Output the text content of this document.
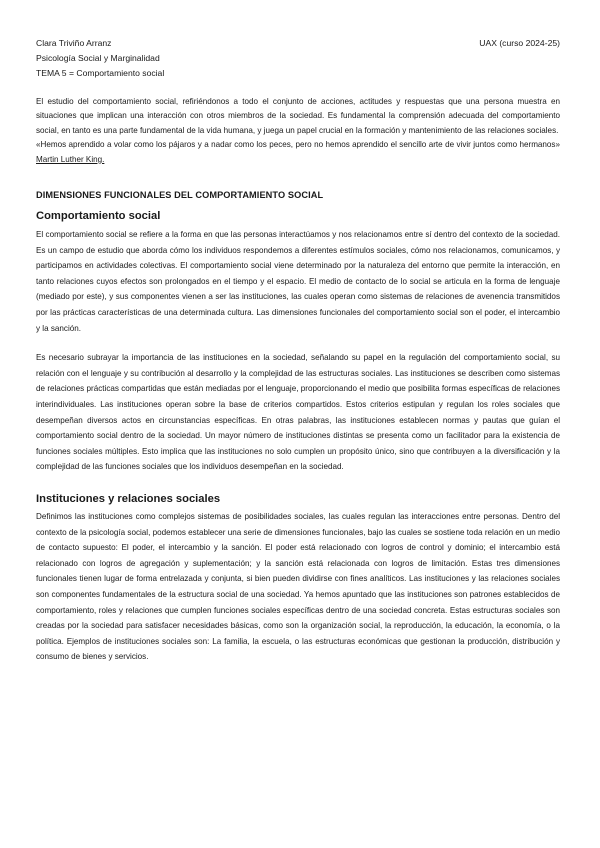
Clara Triviño Arranz
Psicología Social y Marginalidad
TEMA 5 = Comportamiento social
UAX (curso 2024-25)

El estudio del comportamiento social, refiriéndonos a todo el conjunto de acciones, actitudes y respuestas que una persona muestra en situaciones que implican una interacción con otros miembros de la sociedad. Es fundamental la comprensión adecuada del comportamiento social, en tanto es una parte fundamental de la vida humana, y juega un papel crucial en la formación y mantenimiento de las relaciones sociales.

«Hemos aprendido a volar como los pájaros y a nadar como los peces, pero no hemos aprendido el sencillo arte de vivir juntos como hermanos» Martin Luther King.

DIMENSIONES FUNCIONALES DEL COMPORTAMIENTO SOCIAL
Comportamiento social

El comportamiento social se refiere a la forma en que las personas interactúamos y nos relacionamos entre sí dentro del contexto de la sociedad. Es un campo de estudio que aborda cómo los individuos respondemos a diferentes estímulos sociales, cómo nos relacionamos, comunicamos, y participamos en actividades colectivas. El comportamiento social viene determinado por la naturaleza del entorno que permite la interacción, en tanto relaciones cuyos efectos son prolongados en el tiempo y el espacio. El medio de contacto de lo social se articula en la forma de lenguaje (mediado por este), y sus componentes vienen a ser las instituciones, las cuales operan como sistemas de relaciones de avenencia transmitidos por las prácticas características de una determinada cultura. Las dimensiones funcionales del comportamiento social son el poder, el intercambio y la sanción.

Es necesario subrayar la importancia de las instituciones en la sociedad, señalando su papel en la regulación del comportamiento social, su relación con el lenguaje y su contribución al desarrollo y la complejidad de las estructuras sociales. Las instituciones se describen como sistemas de relaciones prácticas compartidas que están mediadas por el lenguaje, proporcionando el medio que posibilita formas específicas de relaciones interindividuales. Las instituciones operan sobre la base de criterios compartidos. Estos criterios estipulan y regulan los roles sociales que desempeñan diversos actos en circunstancias específicas. En otras palabras, las instituciones establecen normas y pautas que guían el comportamiento social dentro de la sociedad. Un mayor número de instituciones distintas se presenta como un facilitador para la existencia de funciones sociales múltiples. Esto implica que las instituciones no solo cumplen un propósito único, sino que contribuyen a la diversificación y la complejidad de las funciones sociales que los individuos desempeñan en la sociedad.

Instituciones y relaciones sociales

Definimos las instituciones como complejos sistemas de posibilidades sociales, las cuales regulan las interacciones entre personas. Dentro del contexto de la psicología social, podemos establecer una serie de dimensiones funcionales, bajo las cuales se sostiene toda relación en un medio de contacto supuesto: El poder, el intercambio y la sanción. El poder está relacionado con logros de control y dominio; el intercambio está relacionado con logros de agregación y suplementación; y la sanción está relacionada con logros de limitación. Estas tres dimensiones funcionales tienen lugar de forma entrelazada y conjunta, si bien pueden dividirse con fines analíticos. Las instituciones y las relaciones sociales son componentes fundamentales de la estructura social de una sociedad. Ya hemos apuntado que las instituciones son patrones establecidos de comportamiento, roles y relaciones que cumplen funciones sociales específicas dentro de una sociedad concreta. Estas estructuras sociales son creadas por la sociedad para satisfacer necesidades básicas, como son la organización social, la reproducción, la educación, la economía, o la política. Ejemplos de instituciones sociales son: La familia, la escuela, o las estructuras económicas que gestionan la producción, distribución y consumo de bienes y servicios.
